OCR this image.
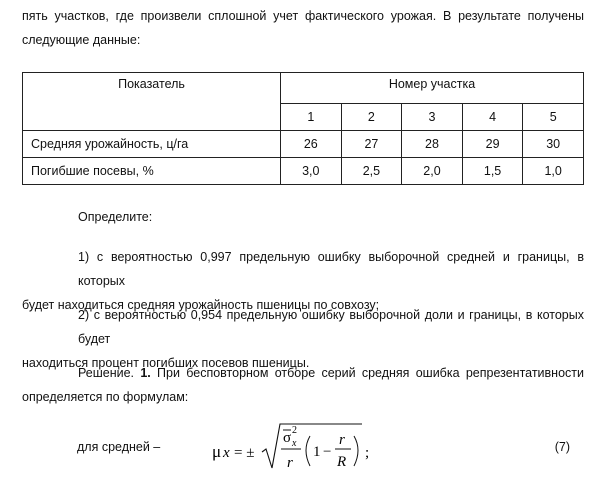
пять участков, где произвели сплошной учет фактического урожая. В результате получены
следующие данные:

Показатель	Номер участка				
	1	2	3	4	5
Средняя урожайность, ц/га	26	27	28	29	30
Погибшие посевы, %	3,0	2,5	2,0	1,5	1,0

Определите:

1) с вероятностью 0,997 предельную ошибку выборочной средней и границы, в которых
будет находиться средняя урожайность пшеницы по совхозу;

2) с вероятностью 0,954 предельную ошибку выборочной доли и границы, в которых будет
находиться процент погибших посевов пшеницы.

Решение. 1. При бесповторном отборе серий средняя ошибка репрезентативности
определяется по формулам:

для средней –	μ x = ±
σ 2
x
r
1 −
r
R
;	(7)
